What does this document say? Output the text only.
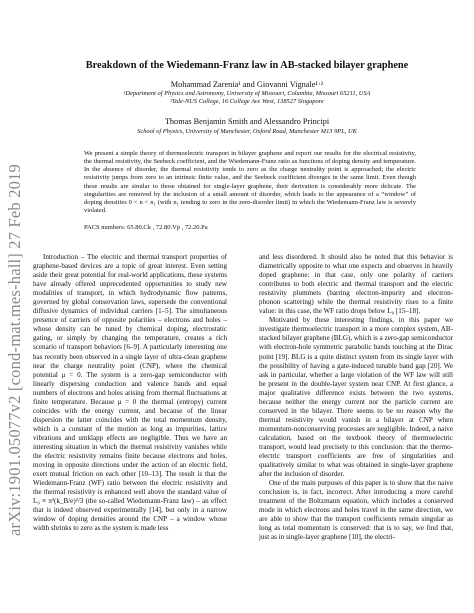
arXiv:1901.05077v2 [cond-mat.mes-hall] 27 Feb 2019
Breakdown of the Wiedemann-Franz law in AB-stacked bilayer graphene
Mohammad Zarenia¹ and Giovanni Vignale¹·²
¹Department of Physics and Astronomy, University of Missouri, Columbia, Missouri 65211, USA
²Yale-NUS College, 16 College Ave West, 138527 Singapore
Thomas Benjamin Smith and Alessandro Principi
School of Physics, University of Manchester, Oxford Road, Manchester M13 9PL, UK
We present a simple theory of thermoelectric transport in bilayer graphene and report our results for the electrical resistivity, the thermal resistivity, the Seebeck coefficient, and the Wiedemann-Franz ratio as functions of doping density and temperature. In the absence of disorder, the thermal resistivity tends to zero as the charge neutrality point is approached; the electric resistivity jumps from zero to an intrinsic finite value, and the Seebeck coefficient diverges in the same limit. Even though these results are similar to those obtained for single-layer graphene, their derivation is considerably more delicate. The singularities are removed by the inclusion of a small amount of disorder, which leads to the appearance of a “window” of doping densities 0 < n < n₁ (with n₁ tending to zero in the zero-disorder limit) in which the Wiedemann-Franz law is severely violated.
PACS numbers: 65.80.Ck , 72.80.Vp , 72.20.Pa

Introduction – The electric and thermal transport properties of graphene-based devices are a topic of great interest. Even setting aside their great potential for real-world applications, these systems have already offered unprecedented opportunities to study new modalities of transport, in which hydrodynamic flow patterns, governed by global conservation laws, supersede the conventional diffusive dynamics of individual carriers [1–5]. The simultaneous presence of carriers of opposite polarities – electrons and holes – whose density can be tuned by chemical doping, electrostatic gating, or simply by changing the temperature, creates a rich scenario of transport behaviors [6–9]. A particularly interesting one has recently been observed in a single layer of ultra-clean graphene near the charge neutrality point (CNP), where the chemical potential μ = 0. The system is a zero-gap semiconductor with linearly dispersing conduction and valence bands and equal numbers of electrons and holes arising from thermal fluctuations at finite temperature. Because μ = 0 the thermal (entropy) current coincides with the energy current, and because of the linear dispersion the latter coincides with the total momentum density, which is a constant of the motion as long as impurities, lattice vibrations and umklapp effects are negligible. Thus we have an interesting situation in which the thermal resistivity vanishes while the electric resistivity remains finite because electrons and holes, moving in opposite directions under the action of an electric field, exert mutual friction on each other [10–13]. The result is that the Wiedemann-Franz (WF) ratio between the electric resistivity and the thermal resistivity is enhanced well above the standard value of L₀ ≡ π²(k_B/e)²/3 (the so-called Wiedemann-Franz law) – an effect that is indeed observed experimentally [14], but only in a narrow window of doping densities around the CNP – a window whose width shrinks to zero as the system is made less

and less disordered. It should also be noted that this behavior is diametrically opposite to what one expects and observes in heavily doped graphene: in that case, only one polarity of carriers contributes to both electric and thermal transport and the electric resistivity plummets (barring electron-impurity and electron-phonon scattering) while the thermal resistivity rises to a finite value: in this case, the WF ratio drops below L₀ [15–18].

Motivated by these interesting findings, in this paper we investigate thermoelectric transport in a more complex system, AB-stacked bilayer graphene (BLG), which is a zero-gap semiconductor with electron-hole symmetric parabolic bands touching at the Dirac point [19]. BLG is a quite distinct system from its single layer with the possibility of having a gate-induced tunable band gap [20]. We ask in particular, whether a large violation of the WF law will still be present in the double-layer system near CNP. At first glance, a major qualitative difference exists between the two systems, because neither the energy current nor the particle current are conserved in the bilayer. There seems to be no reason why the thermal resistivity would vanish in a bilayer at CNP when momentum-nonconserving processes are negligible. Indeed, a naive calculation, based on the textbook theory of thermoelectric transport, would lead precisely to this conclusion: that the thermo-electric transport coefficients are free of singularities and qualitatively similar to what was obtained in single-layer graphene after the inclusion of disorder.

One of the main purposes of this paper is to show that the naive conclusion is, in fact, incorrect. After introducing a more careful treatment of the Boltzmann equation, which includes a conserved mode in which electrons and holes travel in the same direction, we are able to show that the transport coefficients remain singular as long as total momentum is conserved: that is to say, we find that, just as in single-layer graphene [10], the electri-
